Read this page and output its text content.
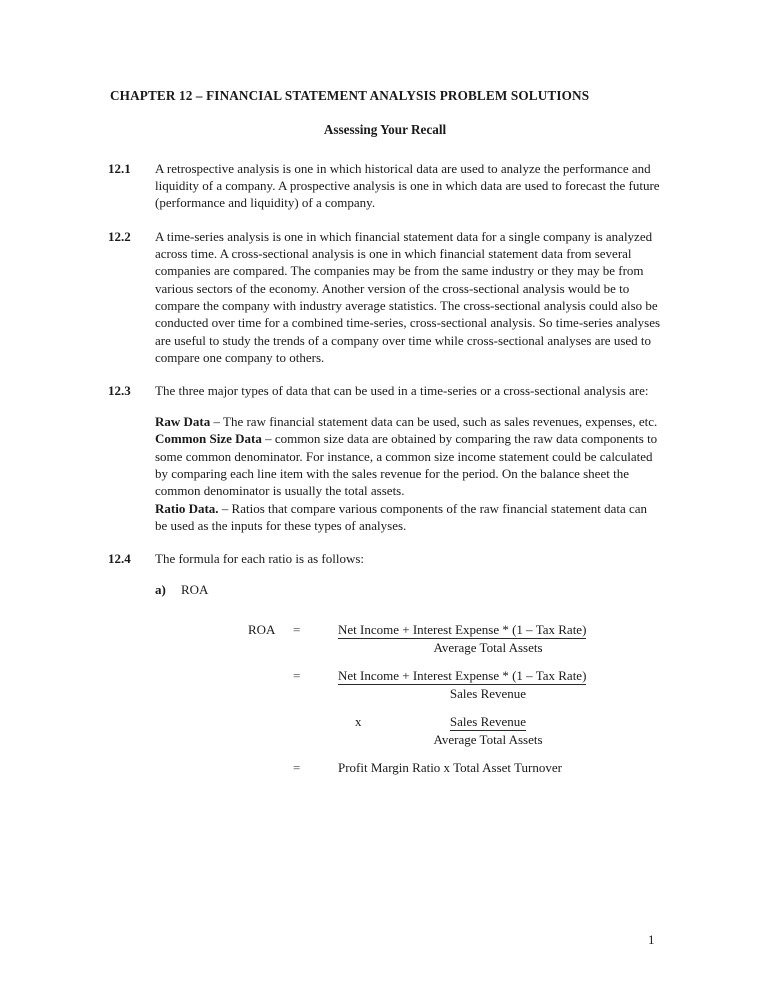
CHAPTER 12 – FINANCIAL STATEMENT ANALYSIS PROBLEM SOLUTIONS
Assessing Your Recall
12.1	A retrospective analysis is one in which historical data are used to analyze the performance and liquidity of a company. A prospective analysis is one in which data are used to forecast the future (performance and liquidity) of a company.

12.2	A time-series analysis is one in which financial statement data for a single company is analyzed across time. A cross-sectional analysis is one in which financial statement data from several companies are compared. The companies may be from the same industry or they may be from various sectors of the economy. Another version of the cross-sectional analysis would be to compare the company with industry average statistics. The cross-sectional analysis could also be conducted over time for a combined time-series, cross-sectional analysis. So time-series analyses are useful to study the trends of a company over time while cross-sectional analyses are used to compare one company to others.

12.3	The three major types of data that can be used in a time-series or a cross-sectional analysis are:

Raw Data – The raw financial statement data can be used, such as sales revenues, expenses, etc.

Common Size Data – common size data are obtained by comparing the raw data components to some common denominator. For instance, a common size income statement could be calculated by comparing each line item with the sales revenue for the period. On the balance sheet the common denominator is usually the total assets.

Ratio Data. – Ratios that compare various components of the raw financial statement data can be used as the inputs for these types of analyses.

12.4	The formula for each ratio is as follows:

a)	ROA
ROA =	Net Income + Interest Expense * (1 – Tax Rate)
Average Total Assets
=	Net Income + Interest Expense * (1 – Tax Rate)
Sales Revenue
x	Sales Revenue
Average Total Assets
=	Profit Margin Ratio x Total Asset Turnover
1
